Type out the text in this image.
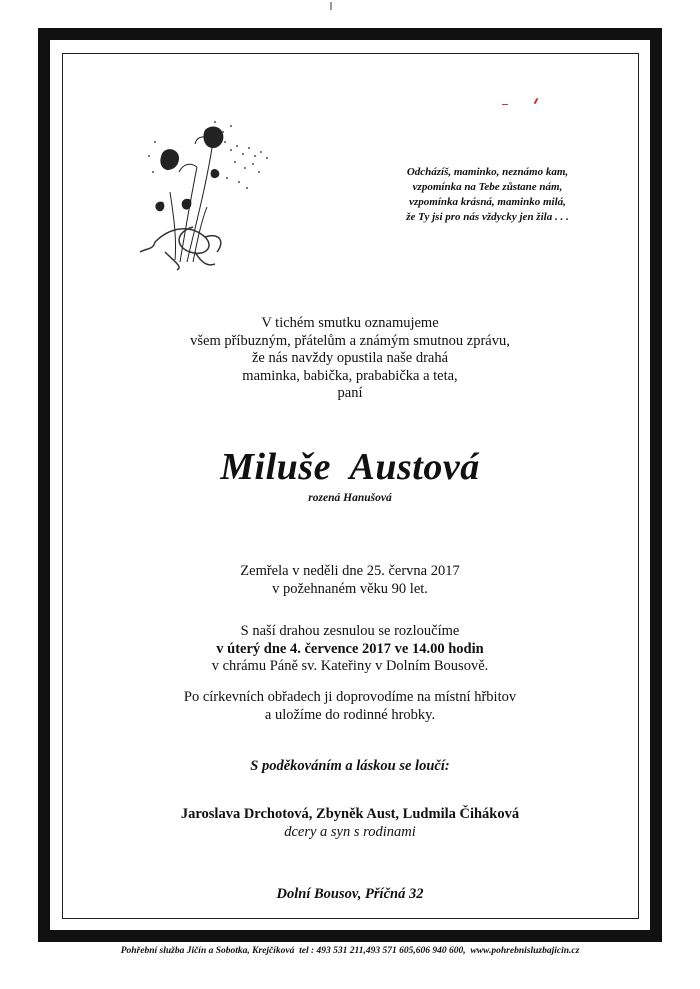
Odcházíš, maminko, neznámo kam,
vzpomínka na Tebe zůstane nám,
vzpomínka krásná, maminko milá,
že Ty jsi pro nás vždycky jen žila . . .
V tichém smutku oznamujeme
všem příbuzným, přátelům a známým smutnou zprávu,
že nás navždy opustila naše drahá
maminka, babička, prababička a teta,
paní
Miluše  Austová
rozená Hanušová
Zemřela v neděli dne 25. června 2017
v požehnaném věku 90 let.
S naší drahou zesnulou se rozloučíme
v úterý dne 4. července 2017 ve 14.00 hodin
v chrámu Páně sv. Kateřiny v Dolním Bousově.
Po církevních obřadech ji doprovodíme na místní hřbitov
a uložíme do rodinné hrobky.
S poděkováním a láskou se loučí:
Jaroslava Drchotová, Zbyněk Aust, Ludmila Čiháková
dcery a syn s rodinami
Dolní Bousov, Příčná 32
Pohřební služba Jičín a Sobotka, Krejčíková  tel : 493 531 211,493 571 605,606 940 600,  www.pohrebnisluzbajicin.cz
